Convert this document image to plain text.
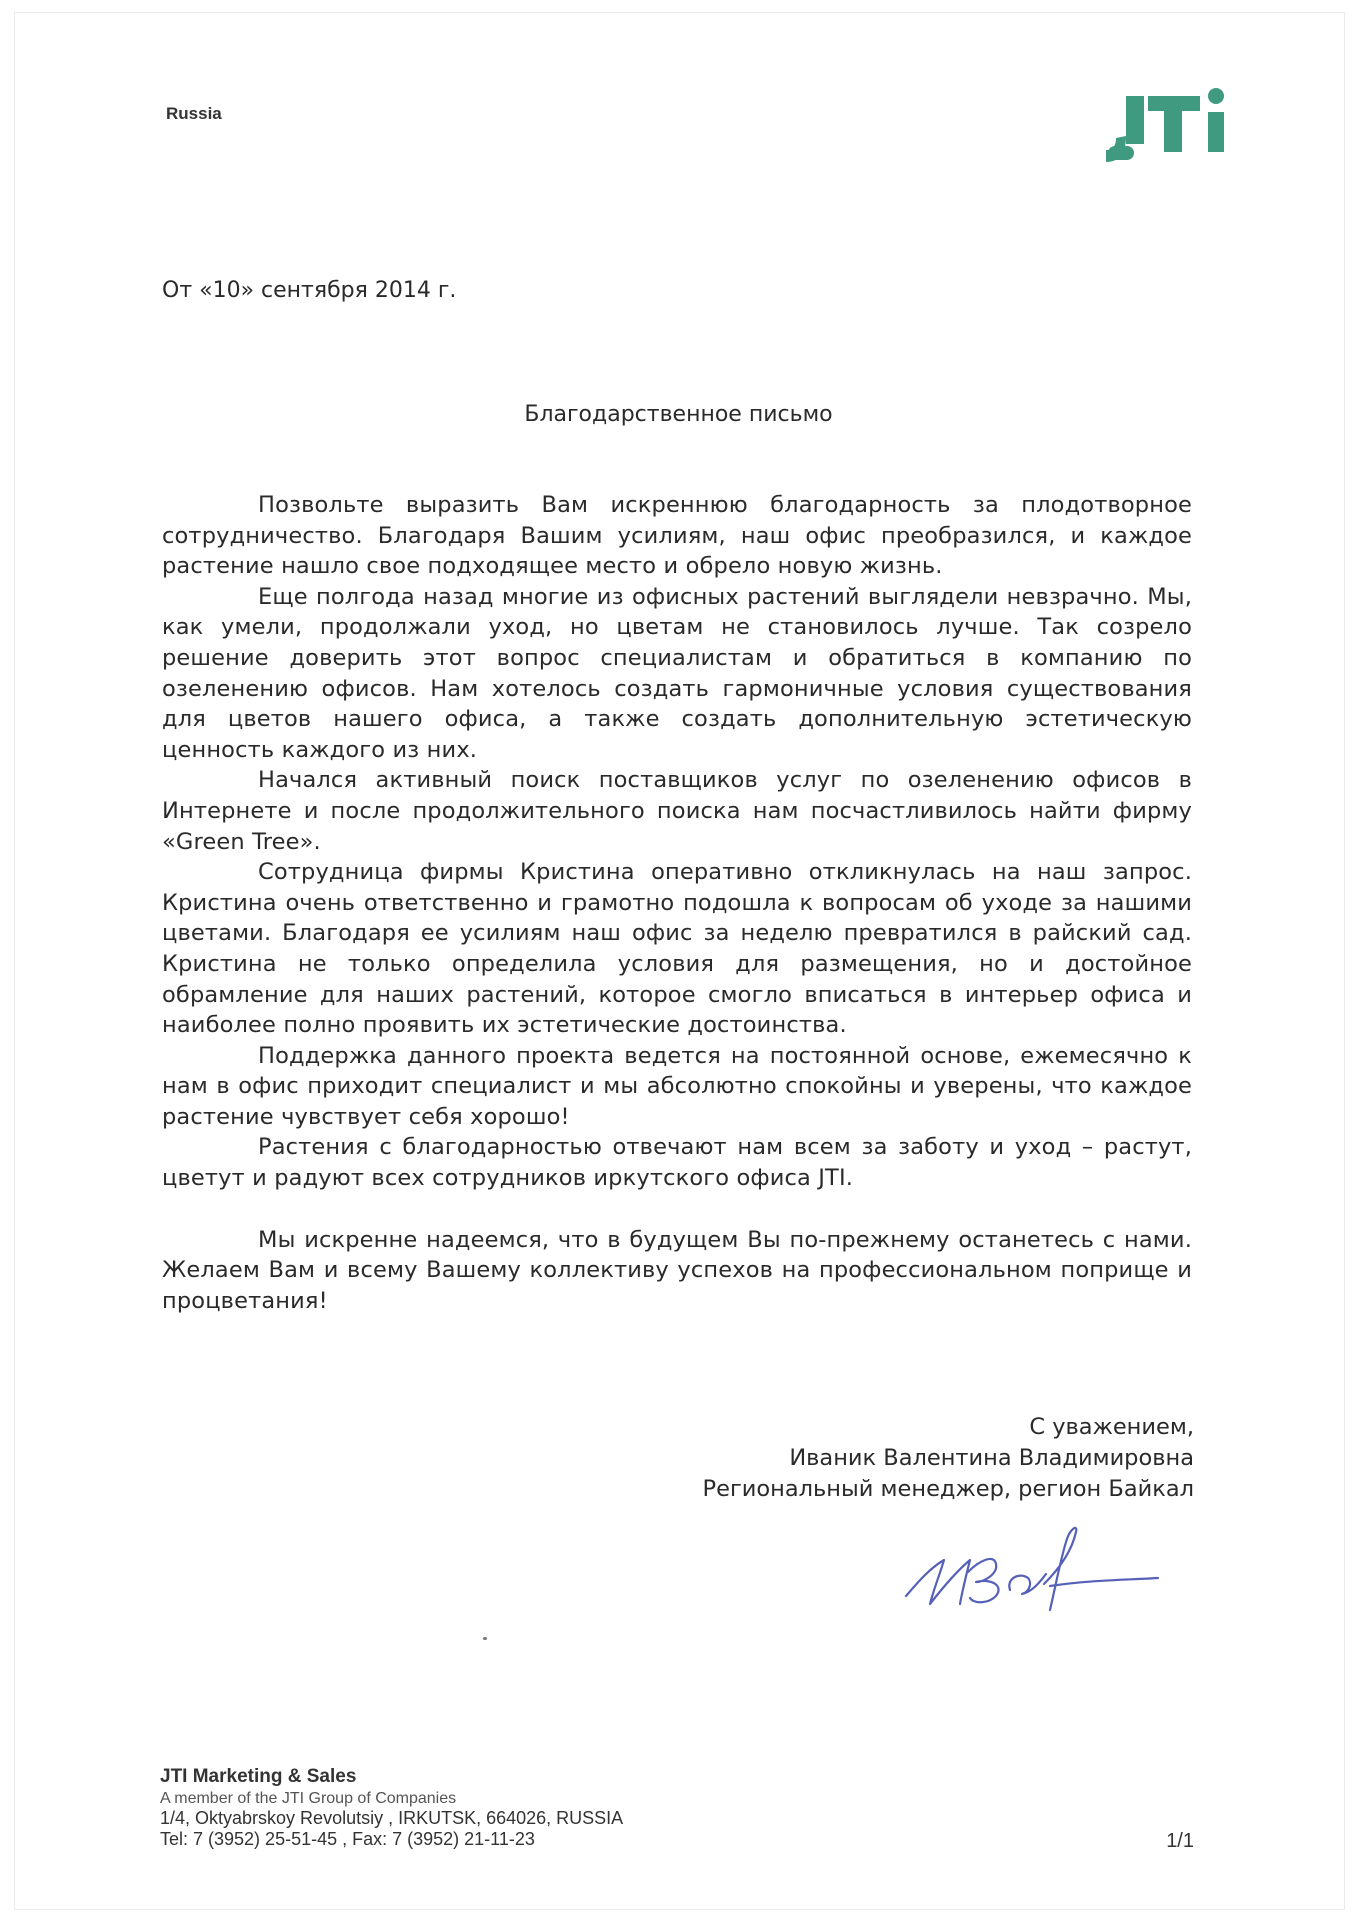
Russia
От «10» сентября 2014 г.
Благодарственное письмо

Позвольте выразить Вам искреннюю благодарность за плодотворное сотрудничество. Благодаря Вашим усилиям, наш офис преобразился, и каждое растение нашло свое подходящее место и обрело новую жизнь.

Еще полгода назад многие из офисных растений выглядели невзрачно. Мы, как умели, продолжали уход, но цветам не становилось лучше. Так созрело решение доверить этот вопрос специалистам и обратиться в компанию по озеленению офисов. Нам хотелось создать гармоничные условия существования для цветов нашего офиса, а также создать дополнительную эстетическую ценность каждого из них.

Начался активный поиск поставщиков услуг по озеленению офисов в Интернете и после продолжительного поиска нам посчастливилось найти фирму «Green Tree».

Сотрудница фирмы Кристина оперативно откликнулась на наш запрос. Кристина очень ответственно и грамотно подошла к вопросам об уходе за нашими цветами. Благодаря ее усилиям наш офис за неделю превратился в райский сад. Кристина не только определила условия для размещения, но и достойное обрамление для наших растений, которое смогло вписаться в интерьер офиса и наиболее полно проявить их эстетические достоинства.

Поддержка данного проекта ведется на постоянной основе, ежемесячно к нам в офис приходит специалист и мы абсолютно спокойны и уверены, что каждое растение чувствует себя хорошо!

Растения с благодарностью отвечают нам всем за заботу и уход – растут, цветут и радуют всех сотрудников иркутского офиса JTI.

Мы искренне надеемся, что в будущем Вы по-прежнему останетесь с нами. Желаем Вам и всему Вашему коллективу успехов на профессиональном поприще и процветания!

С уважением,
Иваник Валентина Владимировна
Региональный менеджер, регион Байкал
JTI Marketing & Sales
A member of the JTI Group of Companies
1/4, Oktyabrskoy Revolutsiy , IRKUTSK, 664026, RUSSIA
Tel: 7 (3952) 25-51-45 , Fax: 7 (3952) 21-11-23	1/1
